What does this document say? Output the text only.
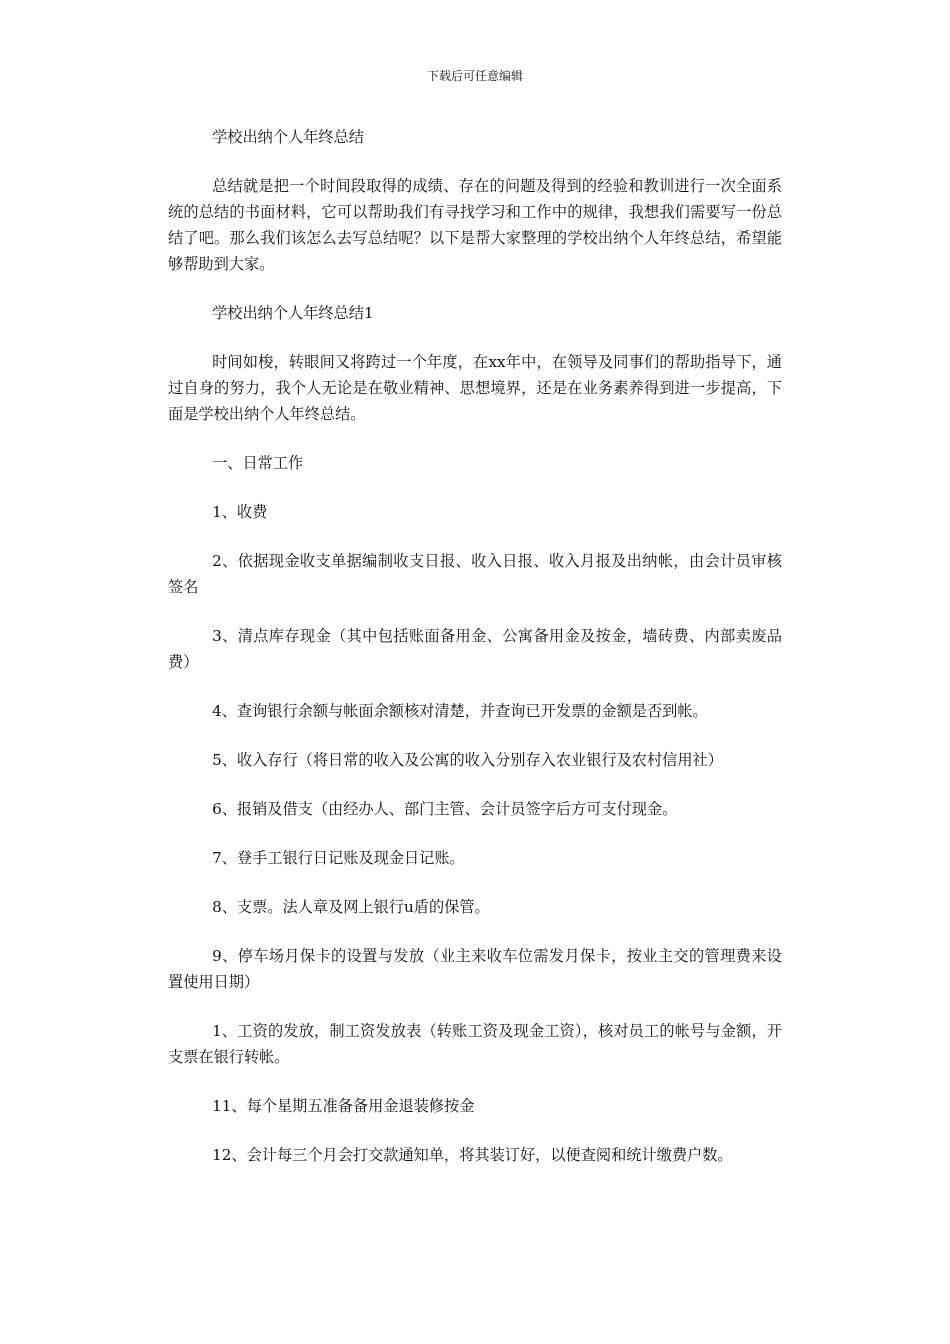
下载后可任意编辑

学校出纳个人年终总结

总结就是把一个时间段取得的成绩、存在的问题及得到的经验和教训进行一次全面系统的总结的书面材料，它可以帮助我们有寻找学习和工作中的规律，我想我们需要写一份总结了吧。那么我们该怎么去写总结呢？以下是帮大家整理的学校出纳个人年终总结，希望能够帮助到大家。

学校出纳个人年终总结1

时间如梭，转眼间又将跨过一个年度，在xx年中，在领导及同事们的帮助指导下，通过自身的努力，我个人无论是在敬业精神、思想境界，还是在业务素养得到进一步提高，下面是学校出纳个人年终总结。

一、日常工作

1、收费

2、依据现金收支单据编制收支日报、收入日报、收入月报及出纳帐，由会计员审核签名

3、清点库存现金（其中包括账面备用金、公寓备用金及按金，墙砖费、内部卖废品费）

4、查询银行余额与帐面余额核对清楚，并查询已开发票的金额是否到帐。

5、收入存行（将日常的收入及公寓的收入分别存入农业银行及农村信用社）

6、报销及借支（由经办人、部门主管、会计员签字后方可支付现金。

7、登手工银行日记账及现金日记账。

8、支票。法人章及网上银行u盾的保管。

9、停车场月保卡的设置与发放（业主来收车位需发月保卡，按业主交的管理费来设置使用日期）

1、工资的发放，制工资发放表（转账工资及现金工资），核对员工的帐号与金额，开支票在银行转帐。

11、每个星期五准备备用金退装修按金

12、会计每三个月会打交款通知单，将其装订好，以便查阅和统计缴费户数。
